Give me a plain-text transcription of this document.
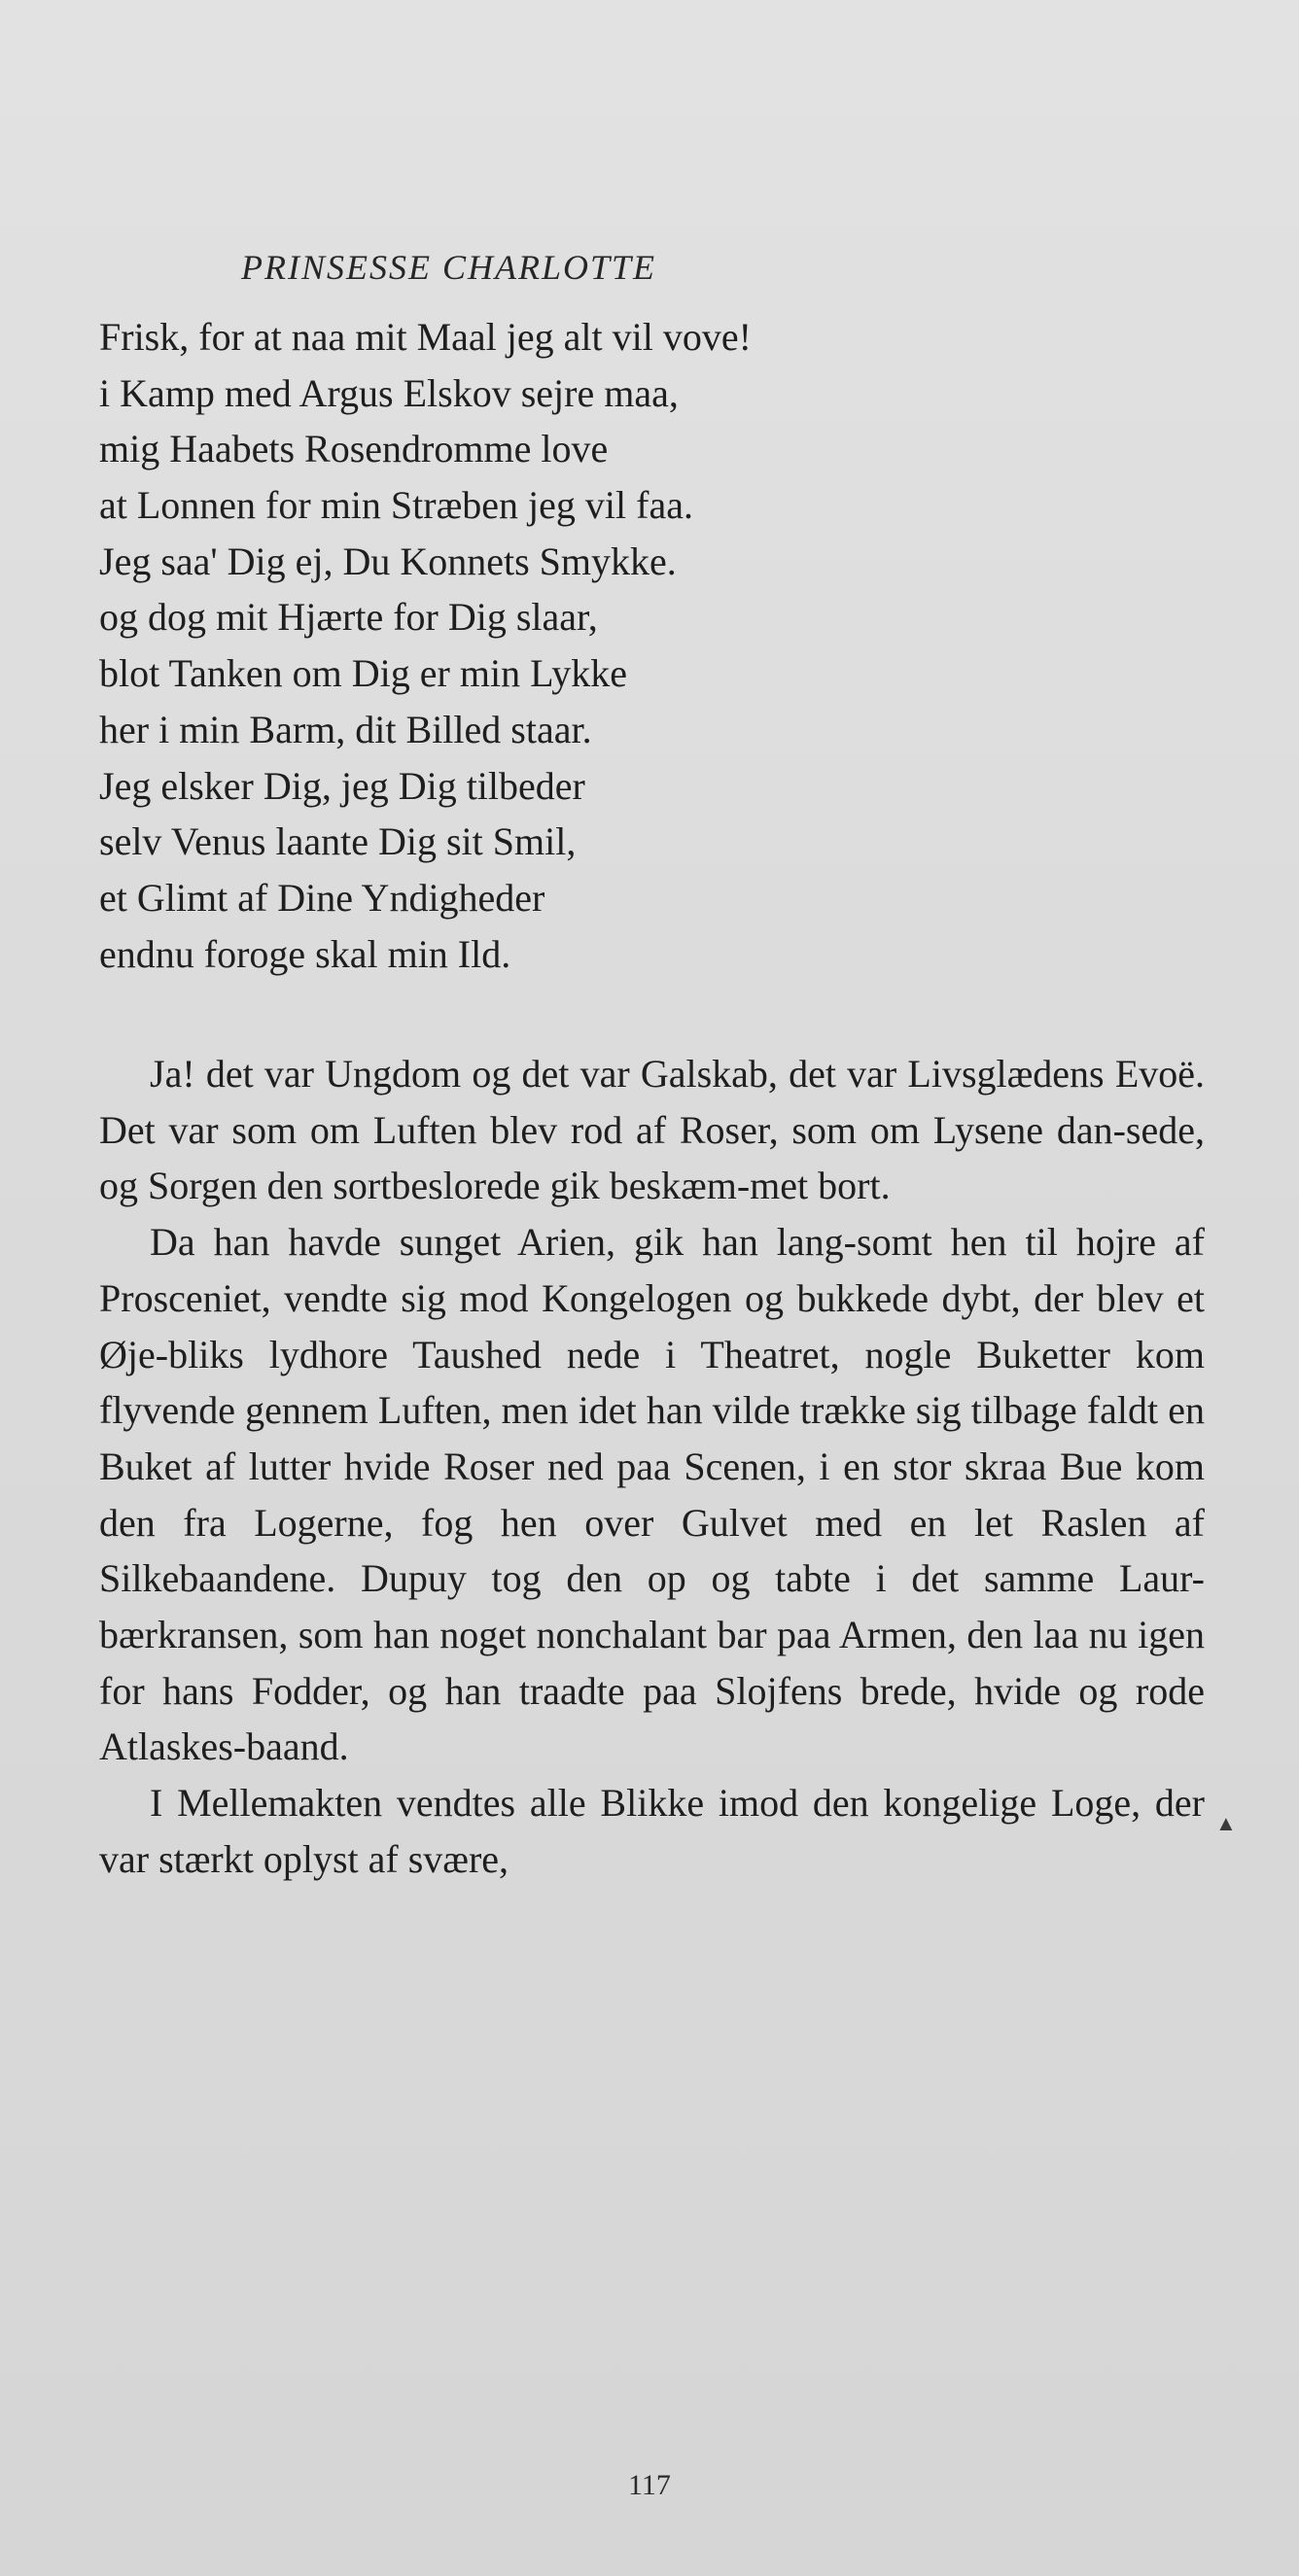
PRINSESSE CHARLOTTE
Frisk, for at naa mit Maal jeg alt vil vove!
i Kamp med Argus Elskov sejre maa,
mig Haabets Rosendromme love
at Lonnen for min Stræben jeg vil faa.
Jeg saa' Dig ej, Du Konnets Smykke.
og dog mit Hjærte for Dig slaar,
blot Tanken om Dig er min Lykke
her i min Barm, dit Billed staar.
Jeg elsker Dig, jeg Dig tilbeder
selv Venus laante Dig sit Smil,
et Glimt af Dine Yndigheder
endnu foroge skal min Ild.

Ja! det var Ungdom og det var Galskab, det var Livsglædens Evoë. Det var som om Luften blev rod af Roser, som om Lysene dan-sede, og Sorgen den sortbeslorede gik beskæm-met bort.

Da han havde sunget Arien, gik han lang-somt hen til hojre af Prosceniet, vendte sig mod Kongelogen og bukkede dybt, der blev et Øje-bliks lydhore Taushed nede i Theatret, nogle Buketter kom flyvende gennem Luften, men idet han vilde trække sig tilbage faldt en Buket af lutter hvide Roser ned paa Scenen, i en stor skraa Bue kom den fra Logerne, fog hen over Gulvet med en let Raslen af Silkebaandene. Dupuy tog den op og tabte i det samme Laur-bærkransen, som han noget nonchalant bar paa Armen, den laa nu igen for hans Fodder, og han traadte paa Slojfens brede, hvide og rode Atlaskes-baand.

I Mellemakten vendtes alle Blikke imod den kongelige Loge, der var stærkt oplyst af svære,

117
▲
